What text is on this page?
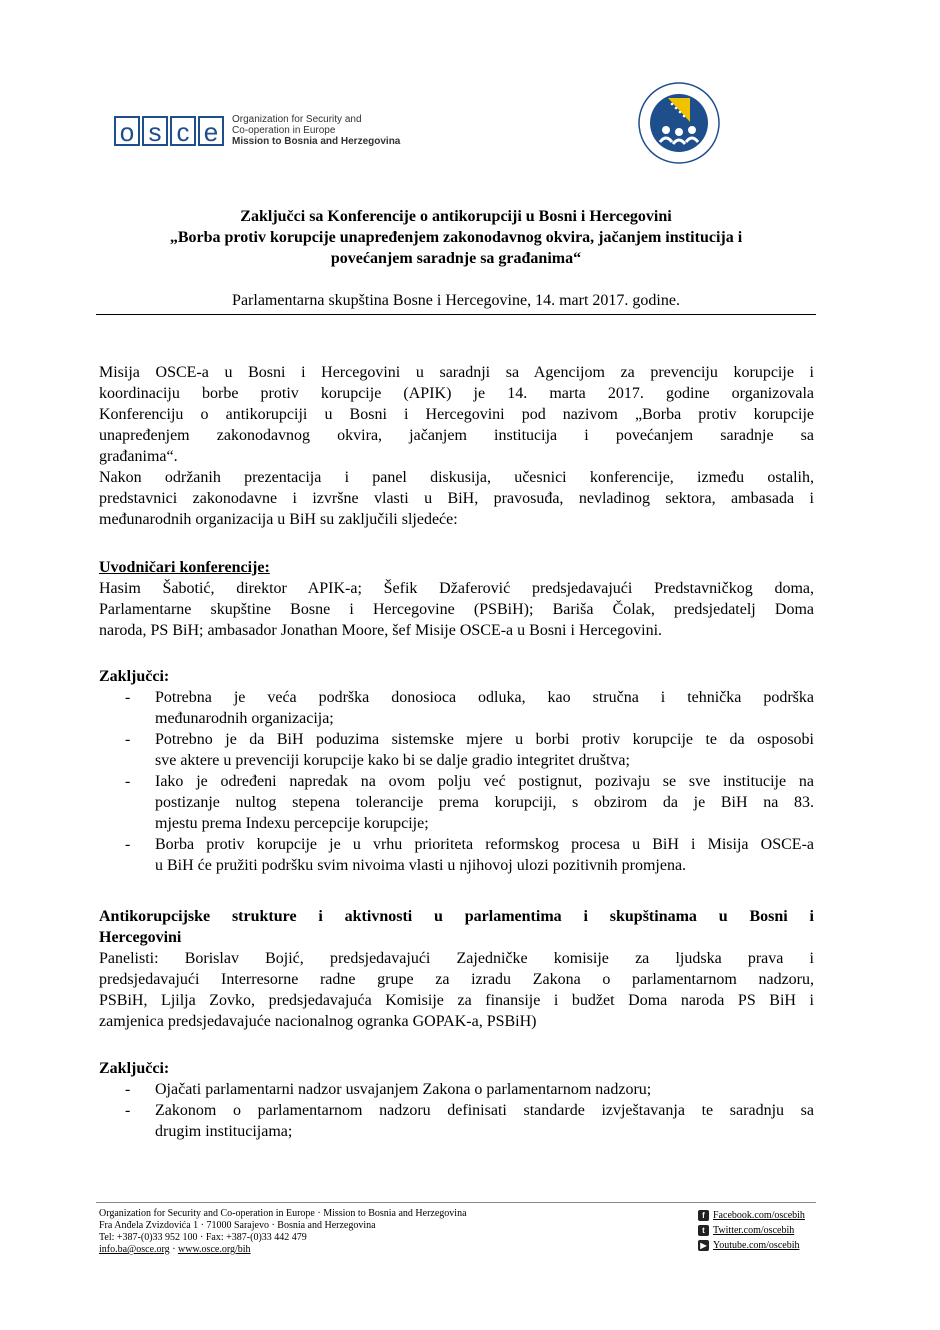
o s c e	Organization for Security and
Co-operation in Europe
Mission to Bosnia and Herzegovina
Zaključci sa Konferencije o antikorupciji u Bosni i Hercegovini
„Borba protiv korupcije unapređenjem zakonodavnog okvira, jačanjem institucija i
povećanjem saradnje sa građanima“
Parlamentarna skupština Bosne i Hercegovine, 14. mart 2017. godine.
Misija OSCE-a u Bosni i Hercegovini u saradnji sa Agencijom za prevenciju korupcije i
koordinaciju borbe protiv korupcije (APIK) je 14. marta 2017. godine organizovala
Konferenciju o antikorupciji u Bosni i Hercegovini pod nazivom „Borba protiv korupcije
unapređenjem zakonodavnog okvira, jačanjem institucija i povećanjem saradnje sa
građanima“.
Nakon održanih prezentacija i panel diskusija, učesnici konferencije, između ostalih,
predstavnici zakonodavne i izvršne vlasti u BiH, pravosuđa, nevladinog sektora, ambasada i
međunarodnih organizacija u BiH su zaključili sljedeće:
Uvodničari konferencije:
Hasim Šabotić, direktor APIK-a; Šefik Džaferović predsjedavajući Predstavničkog doma,
Parlamentarne skupštine Bosne i Hercegovine (PSBiH); Bariša Čolak, predsjedatelj Doma
naroda, PS BiH; ambasador Jonathan Moore, šef Misije OSCE-a u Bosni i Hercegovini.
Zaključci:
- Potrebna je veća podrška donosioca odluka, kao stručna i tehnička podrška
međunarodnih organizacija;
- Potrebno je da BiH poduzima sistemske mjere u borbi protiv korupcije te da osposobi
sve aktere u prevenciji korupcije kako bi se dalje gradio integritet društva;
- Iako je određeni napredak na ovom polju već postignut, pozivaju se sve institucije na
postizanje nultog stepena tolerancije prema korupciji, s obzirom da je BiH na 83.
mjestu prema Indexu percepcije korupcije;
- Borba protiv korupcije je u vrhu prioriteta reformskog procesa u BiH i Misija OSCE-a
u BiH će pružiti podršku svim nivoima vlasti u njihovoj ulozi pozitivnih promjena.
Antikorupcijske strukture i aktivnosti u parlamentima i skupštinama u Bosni i
Hercegovini
Panelisti: Borislav Bojić, predsjedavajući Zajedničke komisije za ljudska prava i
predsjedavajući Interresorne radne grupe za izradu Zakona o parlamentarnom nadzoru,
PSBiH, Ljilja Zovko, predsjedavajuća Komisije za finansije i budžet Doma naroda PS BiH i
zamjenica predsjedavajuće nacionalnog ogranka GOPAK-a, PSBiH)
Zaključci:
- Ojačati parlamentarni nadzor usvajanjem Zakona o parlamentarnom nadzoru;
- Zakonom o parlamentarnom nadzoru definisati standarde izvještavanja te saradnju sa
drugim institucijama;
Organization for Security and Co-operation in Europe · Mission to Bosnia and Herzegovina
Fra Anđela Zvizdovića 1 · 71000 Sarajevo · Bosnia and Herzegovina
Tel: +387-(0)33 952 100 · Fax: +387-(0)33 442 479
info.ba@osce.org · www.osce.org/bih
f Facebook.com/oscebih
t Twitter.com/oscebih
▶ Youtube.com/oscebih
